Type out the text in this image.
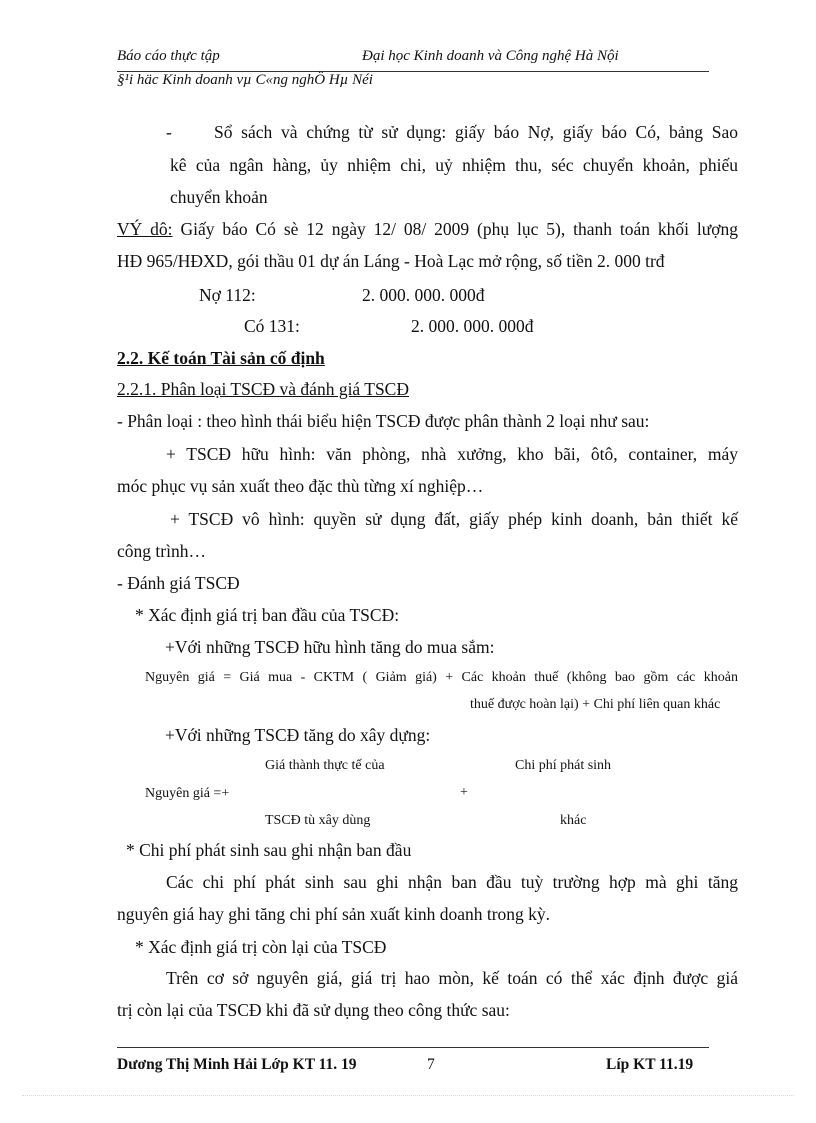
Báo cáo thực tập	Đại học Kinh doanh và Công nghệ Hà Nội
§¹i häc Kinh doanh vµ C«ng nghÖ Hµ Néi
- Sổ sách và chứng từ sử dụng: giấy báo Nợ, giấy báo Có, bảng Sao
kê của ngân hàng, ủy nhiệm chi, uỷ nhiệm thu, séc chuyển khoản, phiếu
chuyển khoản
VÝ dô: Giấy báo Có sè 12 ngày 12/ 08/ 2009 (phụ lục 5), thanh toán khối lượng
HĐ 965/HĐXD, gói thầu 01 dự án Láng - Hoà Lạc mở rộng, số tiền 2. 000 trđ
Nợ 112:	2. 000. 000. 000đ
Có 131:	2. 000. 000. 000đ
2.2. Kế toán Tài sản cố định
2.2.1. Phân loại TSCĐ và đánh giá TSCĐ
- Phân loại : theo hình thái biểu hiện TSCĐ được phân thành 2 loại như sau:
+ TSCĐ hữu hình: văn phòng, nhà xưởng, kho bãi, ôtô, container, máy
móc phục vụ sản xuất theo đặc thù từng xí nghiệp…
+ TSCĐ vô hình: quyền sử dụng đất, giấy phép kinh doanh, bản thiết kế
công trình…
- Đánh giá TSCĐ
* Xác định giá trị ban đầu của TSCĐ:
+Với những TSCĐ hữu hình tăng do mua sắm:
Nguyên giá = Giá mua - CKTM ( Giảm giá) + Các khoản thuế (không bao gồm các khoản
thuế được hoàn lại) + Chi phí liên quan khác
+Với những TSCĐ tăng do xây dựng:
Giá thành thực tế của	Chi phí phát sinh
Nguyên giá =+	+
TSCĐ tù xây dùng	khác
* Chi phí phát sinh sau ghi nhận ban đầu
Các chi phí phát sinh sau ghi nhận ban đầu tuỳ trường hợp mà ghi tăng
nguyên giá hay ghi tăng chi phí sản xuất kinh doanh trong kỳ.
* Xác định giá trị còn lại của TSCĐ
Trên cơ sở nguyên giá, giá trị hao mòn, kế toán có thể xác định được giá
trị còn lại của TSCĐ khi đã sử dụng theo công thức sau:
Dương Thị Minh Hải Lớp KT 11. 19	7	Líp KT 11.19
